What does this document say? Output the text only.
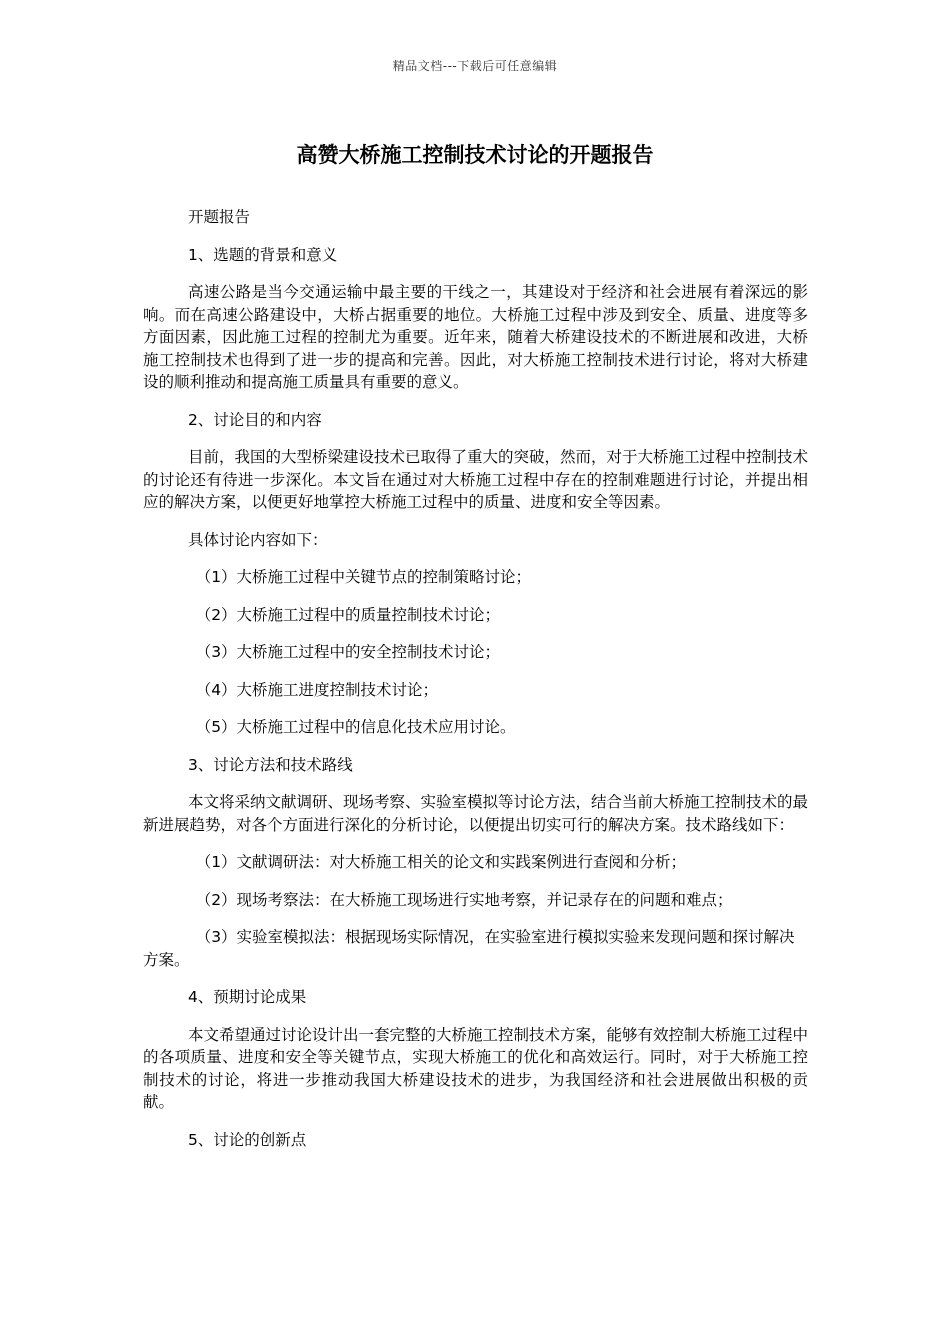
精品文档---下载后可任意编辑
高赞大桥施工控制技术讨论的开题报告

开题报告

1、选题的背景和意义

高速公路是当今交通运输中最主要的干线之一，其建设对于经济和社会进展有着深远的影响。而在高速公路建设中，大桥占据重要的地位。大桥施工过程中涉及到安全、质量、进度等多方面因素，因此施工过程的控制尤为重要。近年来，随着大桥建设技术的不断进展和改进，大桥施工控制技术也得到了进一步的提高和完善。因此，对大桥施工控制技术进行讨论，将对大桥建设的顺利推动和提高施工质量具有重要的意义。

2、讨论目的和内容

目前，我国的大型桥梁建设技术已取得了重大的突破，然而，对于大桥施工过程中控制技术的讨论还有待进一步深化。本文旨在通过对大桥施工过程中存在的控制难题进行讨论，并提出相应的解决方案，以便更好地掌控大桥施工过程中的质量、进度和安全等因素。

具体讨论内容如下：

（1）大桥施工过程中关键节点的控制策略讨论；

（2）大桥施工过程中的质量控制技术讨论；

（3）大桥施工过程中的安全控制技术讨论；

（4）大桥施工进度控制技术讨论；

（5）大桥施工过程中的信息化技术应用讨论。

3、讨论方法和技术路线

本文将采纳文献调研、现场考察、实验室模拟等讨论方法，结合当前大桥施工控制技术的最新进展趋势，对各个方面进行深化的分析讨论，以便提出切实可行的解决方案。技术路线如下：

（1）文献调研法：对大桥施工相关的论文和实践案例进行查阅和分析；

（2）现场考察法：在大桥施工现场进行实地考察，并记录存在的问题和难点；

（3）实验室模拟法：根据现场实际情况，在实验室进行模拟实验来发现问题和探讨解决方案。

4、预期讨论成果

本文希望通过讨论设计出一套完整的大桥施工控制技术方案，能够有效控制大桥施工过程中的各项质量、进度和安全等关键节点，实现大桥施工的优化和高效运行。同时，对于大桥施工控制技术的讨论，将进一步推动我国大桥建设技术的进步，为我国经济和社会进展做出积极的贡献。

5、讨论的创新点
